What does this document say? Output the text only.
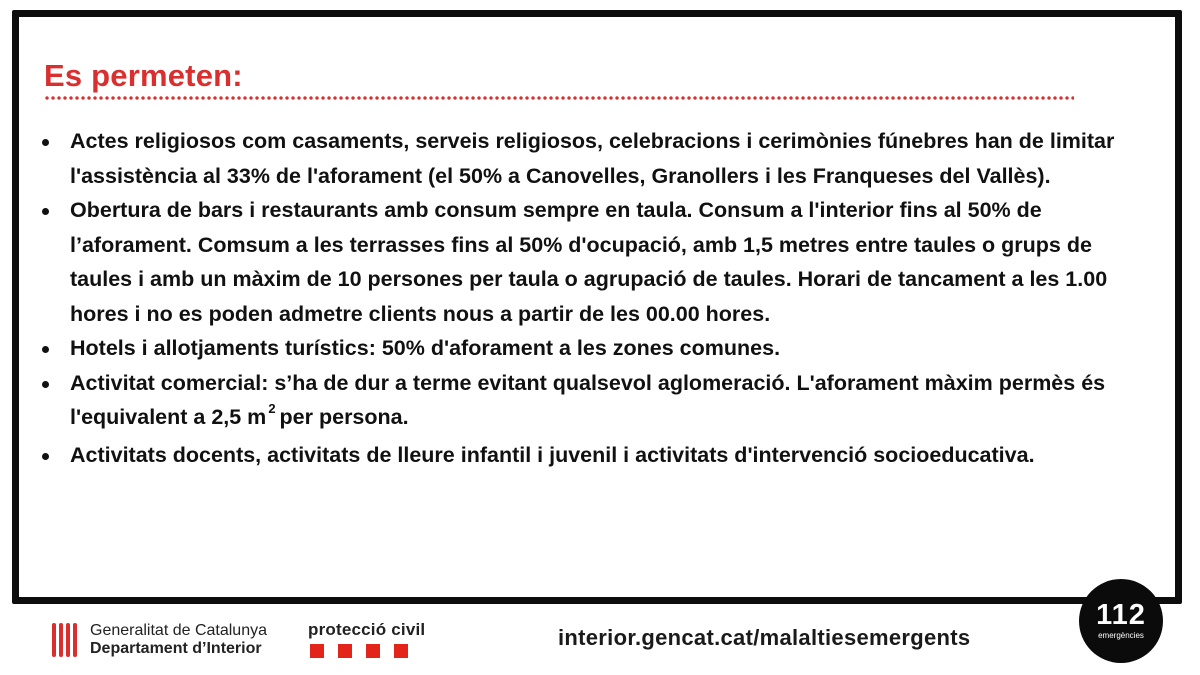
Es permeten:
Actes religiosos com casaments, serveis religiosos, celebracions i cerimònies fúnebres han de limitar l'assistència al 33% de l'aforament (el 50% a Canovelles, Granollers i les Franqueses del Vallès).
Obertura de bars i restaurants amb consum sempre en taula. Consum a l'interior fins al 50% de l’aforament. Comsum a les terrasses fins al 50% d'ocupació, amb 1,5 metres entre taules o grups de taules i amb un màxim de 10 persones per taula o agrupació de taules. Horari de tancament a les 1.00 hores i no es poden admetre clients nous a partir de les 00.00 hores.
Hotels i allotjaments turístics: 50% d'aforament a les zones comunes.
Activitat comercial: s’ha de dur a terme evitant qualsevol aglomeració. L'aforament màxim permès és l'equivalent a 2,5 m $^2$ per persona.
Activitats docents, activitats de lleure infantil i juvenil i activitats d'intervenció socioeducativa.
Generalitat de Catalunya
Departament d’Interior
protecció civil	interior.gencat.cat/malaltiesemergents
112
emergències
